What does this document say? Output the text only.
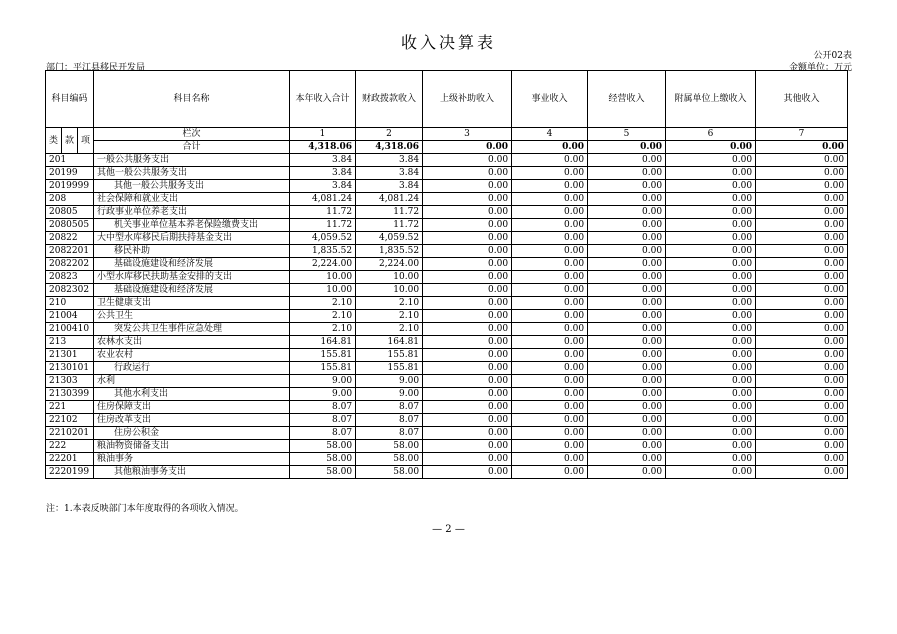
收入决算表
公开02表
部门：平江县移民开发局	金额单位：万元
科目编码			科目名称	本年收入合计	财政拨款收入	上级补助收入	事业收入	经营收入	附属单位上缴收入	其他收入
类	款	项								
			栏次	1	2	3	4	5	6	7
			合计	4,318.06	4,318.06	0.00	0.00	0.00	0.00	0.00
201			一般公共服务支出	3.84	3.84	0.00	0.00	0.00	0.00	0.00
20199			其他一般公共服务支出	3.84	3.84	0.00	0.00	0.00	0.00	0.00
2019999			其他一般公共服务支出	3.84	3.84	0.00	0.00	0.00	0.00	0.00
208			社会保障和就业支出	4,081.24	4,081.24	0.00	0.00	0.00	0.00	0.00
20805			行政事业单位养老支出	11.72	11.72	0.00	0.00	0.00	0.00	0.00
2080505			机关事业单位基本养老保险缴费支出	11.72	11.72	0.00	0.00	0.00	0.00	0.00
20822			大中型水库移民后期扶持基金支出	4,059.52	4,059.52	0.00	0.00	0.00	0.00	0.00
2082201			移民补助	1,835.52	1,835.52	0.00	0.00	0.00	0.00	0.00
2082202			基础设施建设和经济发展	2,224.00	2,224.00	0.00	0.00	0.00	0.00	0.00
20823			小型水库移民扶助基金安排的支出	10.00	10.00	0.00	0.00	0.00	0.00	0.00
2082302			基础设施建设和经济发展	10.00	10.00	0.00	0.00	0.00	0.00	0.00
210			卫生健康支出	2.10	2.10	0.00	0.00	0.00	0.00	0.00
21004			公共卫生	2.10	2.10	0.00	0.00	0.00	0.00	0.00
2100410			突发公共卫生事件应急处理	2.10	2.10	0.00	0.00	0.00	0.00	0.00
213			农林水支出	164.81	164.81	0.00	0.00	0.00	0.00	0.00
21301			农业农村	155.81	155.81	0.00	0.00	0.00	0.00	0.00
2130101			行政运行	155.81	155.81	0.00	0.00	0.00	0.00	0.00
21303			水利	9.00	9.00	0.00	0.00	0.00	0.00	0.00
2130399			其他水利支出	9.00	9.00	0.00	0.00	0.00	0.00	0.00
221			住房保障支出	8.07	8.07	0.00	0.00	0.00	0.00	0.00
22102			住房改革支出	8.07	8.07	0.00	0.00	0.00	0.00	0.00
2210201			住房公积金	8.07	8.07	0.00	0.00	0.00	0.00	0.00
222			粮油物资储备支出	58.00	58.00	0.00	0.00	0.00	0.00	0.00
22201			粮油事务	58.00	58.00	0.00	0.00	0.00	0.00	0.00
2220199			其他粮油事务支出	58.00	58.00	0.00	0.00	0.00	0.00	0.00
注：1.本表反映部门本年度取得的各项收入情况。
— 2 —
